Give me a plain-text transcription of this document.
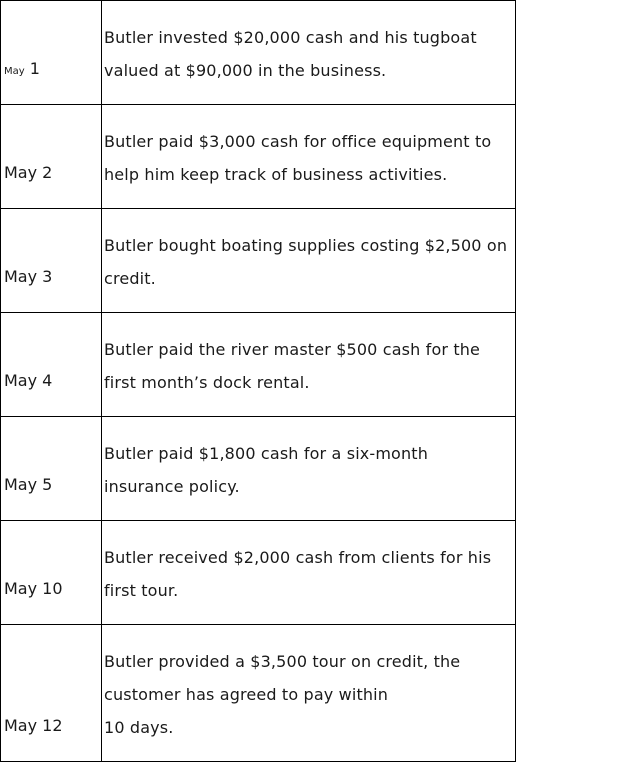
May 1	Butler invested $20,000 cash and his tugboat valued at $90,000 in the business.
May 2	Butler paid $3,000 cash for office equipment to help him keep track of business activities.
May 3	Butler bought boating supplies costing $2,500 on credit.
May 4	Butler paid the river master $500 cash for the first month’s dock rental.
May 5	Butler paid $1,800 cash for a six-month insurance policy.
May 10	Butler received $2,000 cash from clients for his first tour.
May 12	Butler provided a $3,500 tour on credit, the customer has agreed to pay within
10 days.
